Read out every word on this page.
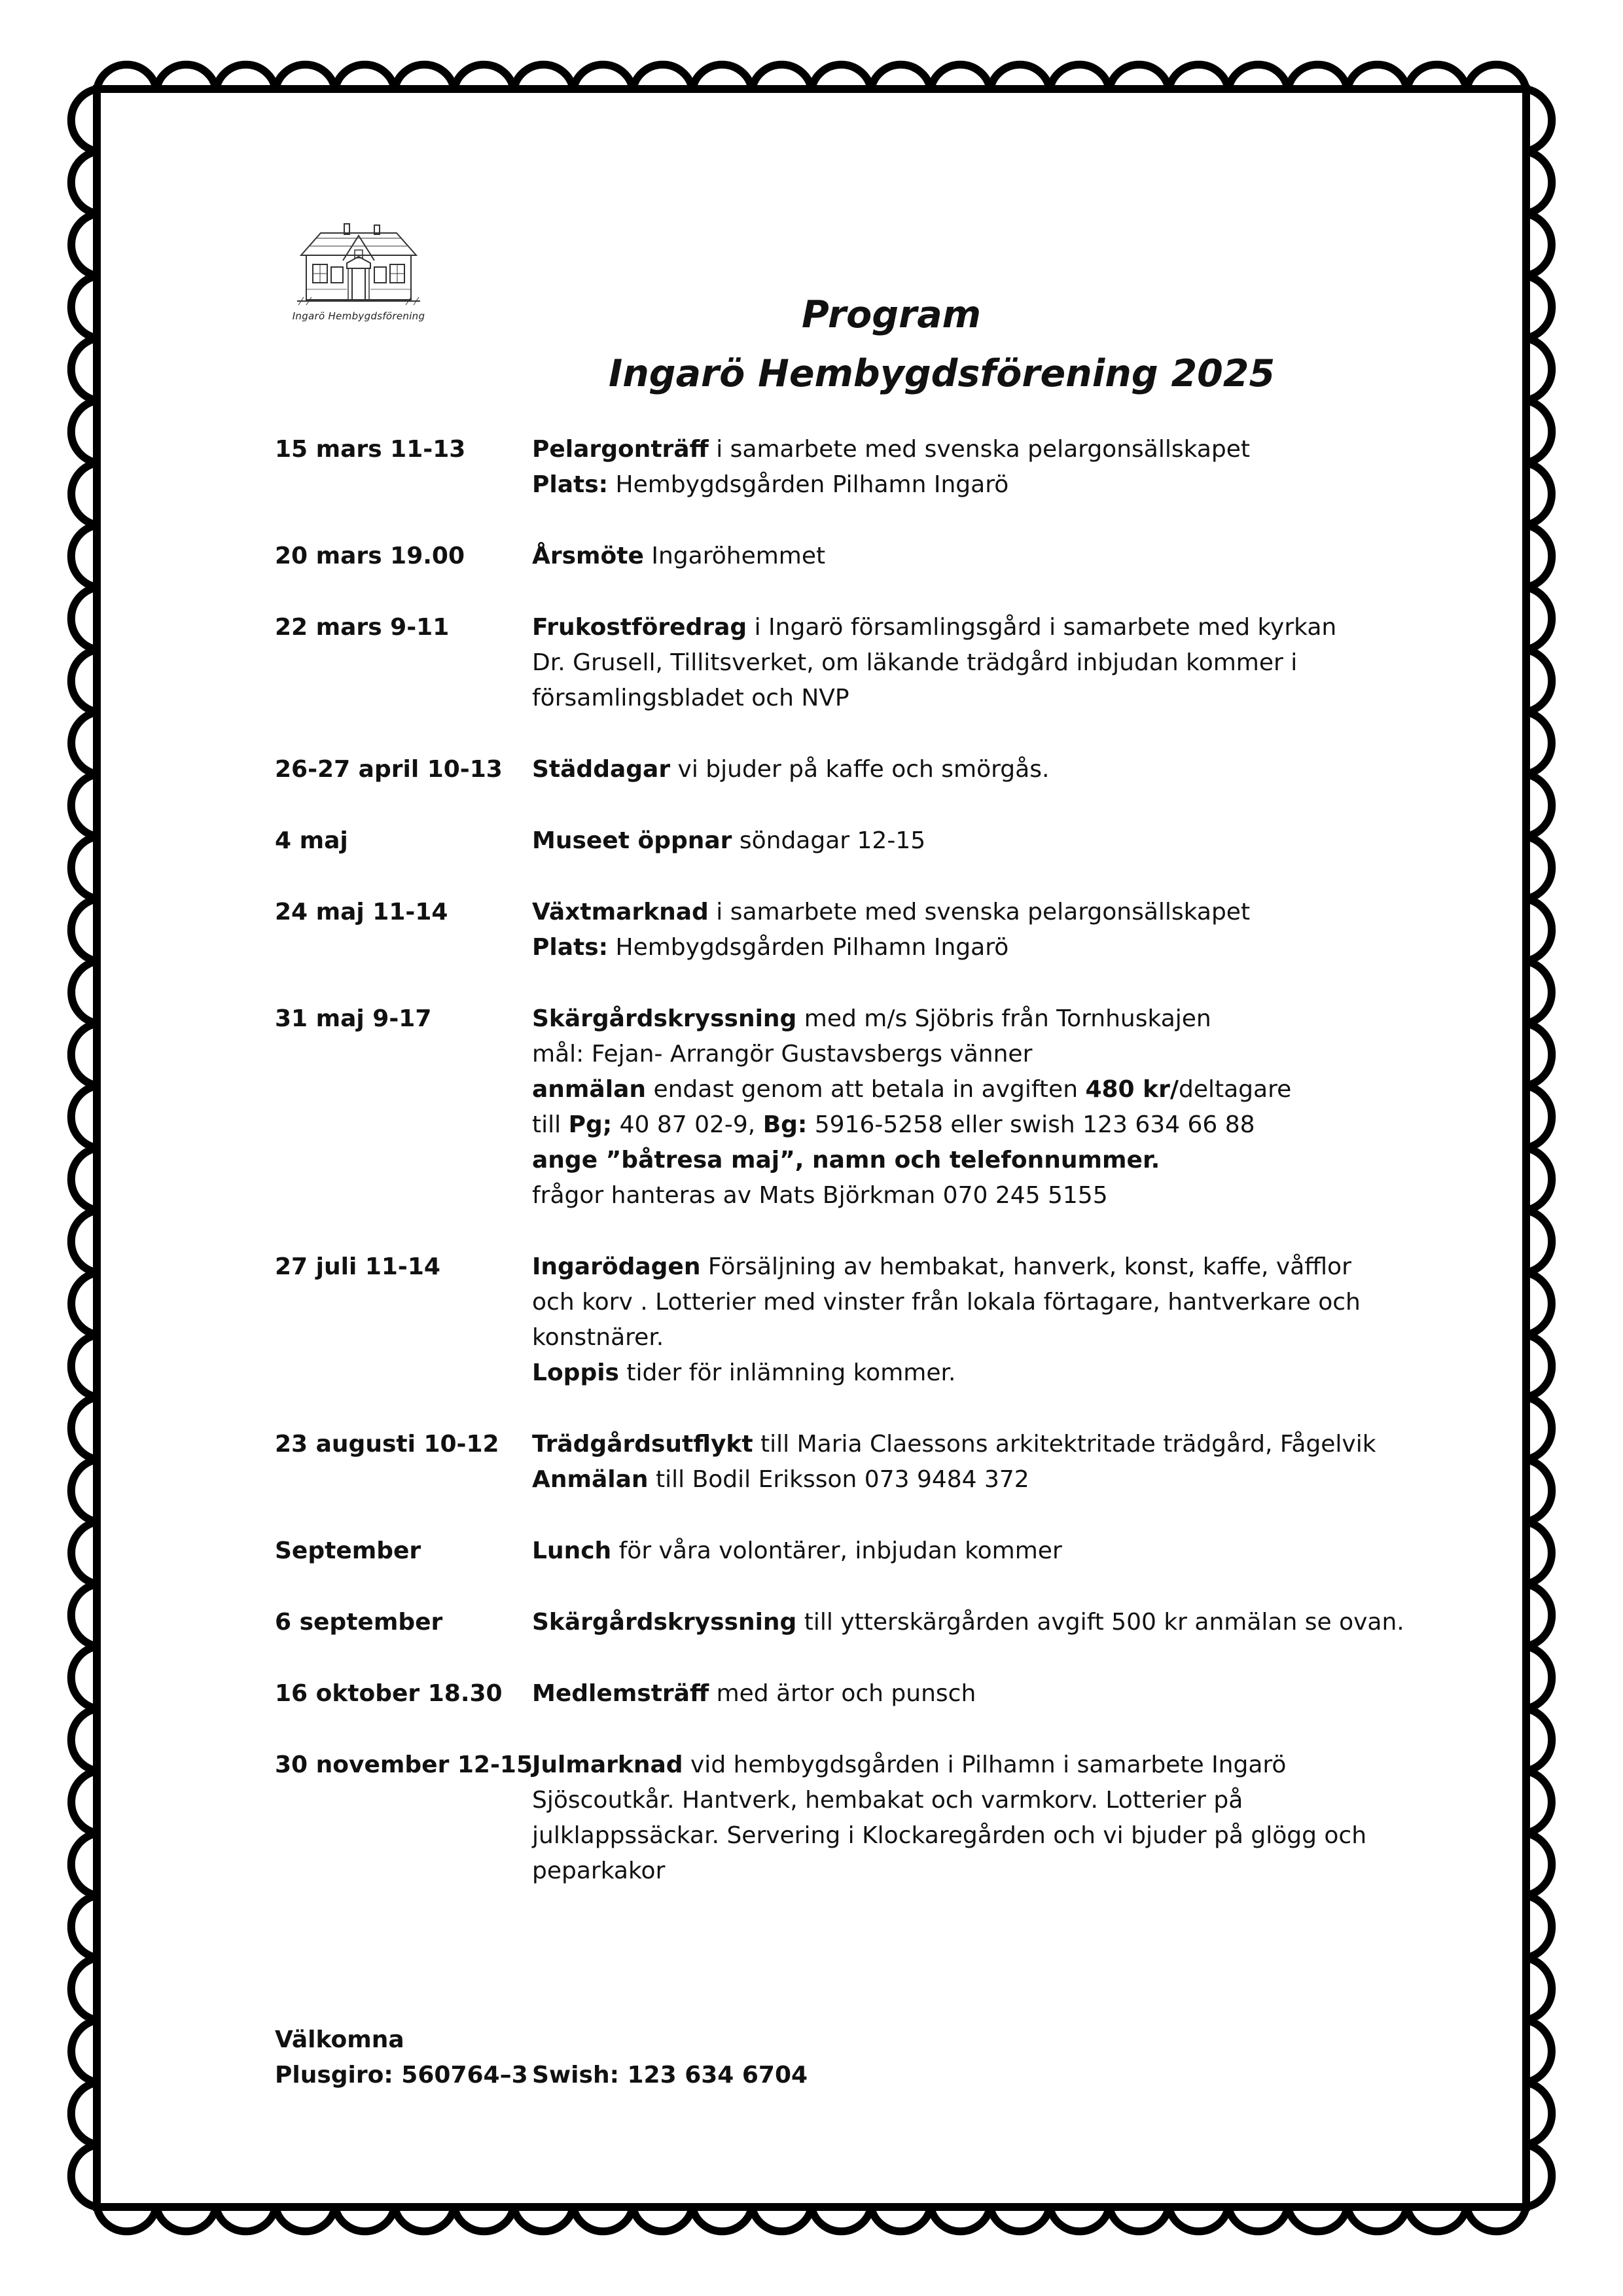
Ingarö Hembygdsförening	Program
Ingarö Hembygdsförening 2025
15 mars 11-13	Pelargonträff i samarbete med svenska pelargonsällskapet
Plats: Hembygdsgården Pilhamn Ingarö
20 mars 19.00	Årsmöte Ingaröhemmet
22 mars 9-11	Frukostföredrag i Ingarö församlingsgård i samarbete med kyrkan
Dr. Grusell, Tillitsverket, om läkande trädgård inbjudan kommer i
församlingsbladet och NVP
26-27 april 10-13	Städdagar vi bjuder på kaffe och smörgås.
4 maj	Museet öppnar söndagar 12-15
24 maj 11-14	Växtmarknad i samarbete med svenska pelargonsällskapet
Plats: Hembygdsgården Pilhamn Ingarö
31 maj 9-17	Skärgårdskryssning med m/s Sjöbris från Tornhuskajen
mål: Fejan- Arrangör Gustavsbergs vänner
anmälan endast genom att betala in avgiften 480 kr/deltagare
till Pg; 40 87 02-9, Bg: 5916-5258 eller swish 123 634 66 88
ange ”båtresa maj”, namn och telefonnummer.
frågor hanteras av Mats Björkman 070 245 5155
27 juli 11-14	Ingarödagen Försäljning av hembakat, hanverk, konst, kaffe, våfflor
och korv . Lotterier med vinster från lokala förtagare, hantverkare och
konstnärer.
Loppis tider för inlämning kommer.
23 augusti 10-12	Trädgårdsutflykt till Maria Claessons arkitektritade trädgård, Fågelvik
Anmälan till Bodil Eriksson 073 9484 372
September	Lunch för våra volontärer, inbjudan kommer
6 september	Skärgårdskryssning till ytterskärgården avgift 500 kr anmälan se ovan.
16 oktober 18.30	Medlemsträff med ärtor och punsch
30 november 12-15 Julmarknad vid hembygdsgården i Pilhamn i samarbete Ingarö
Sjöscoutkår. Hantverk, hembakat och varmkorv. Lotterier på
julklappssäckar. Servering i Klockaregården och vi bjuder på glögg och
peparkakor
Välkomna
Plusgiro: 560764–3 Swish: 123 634 6704
